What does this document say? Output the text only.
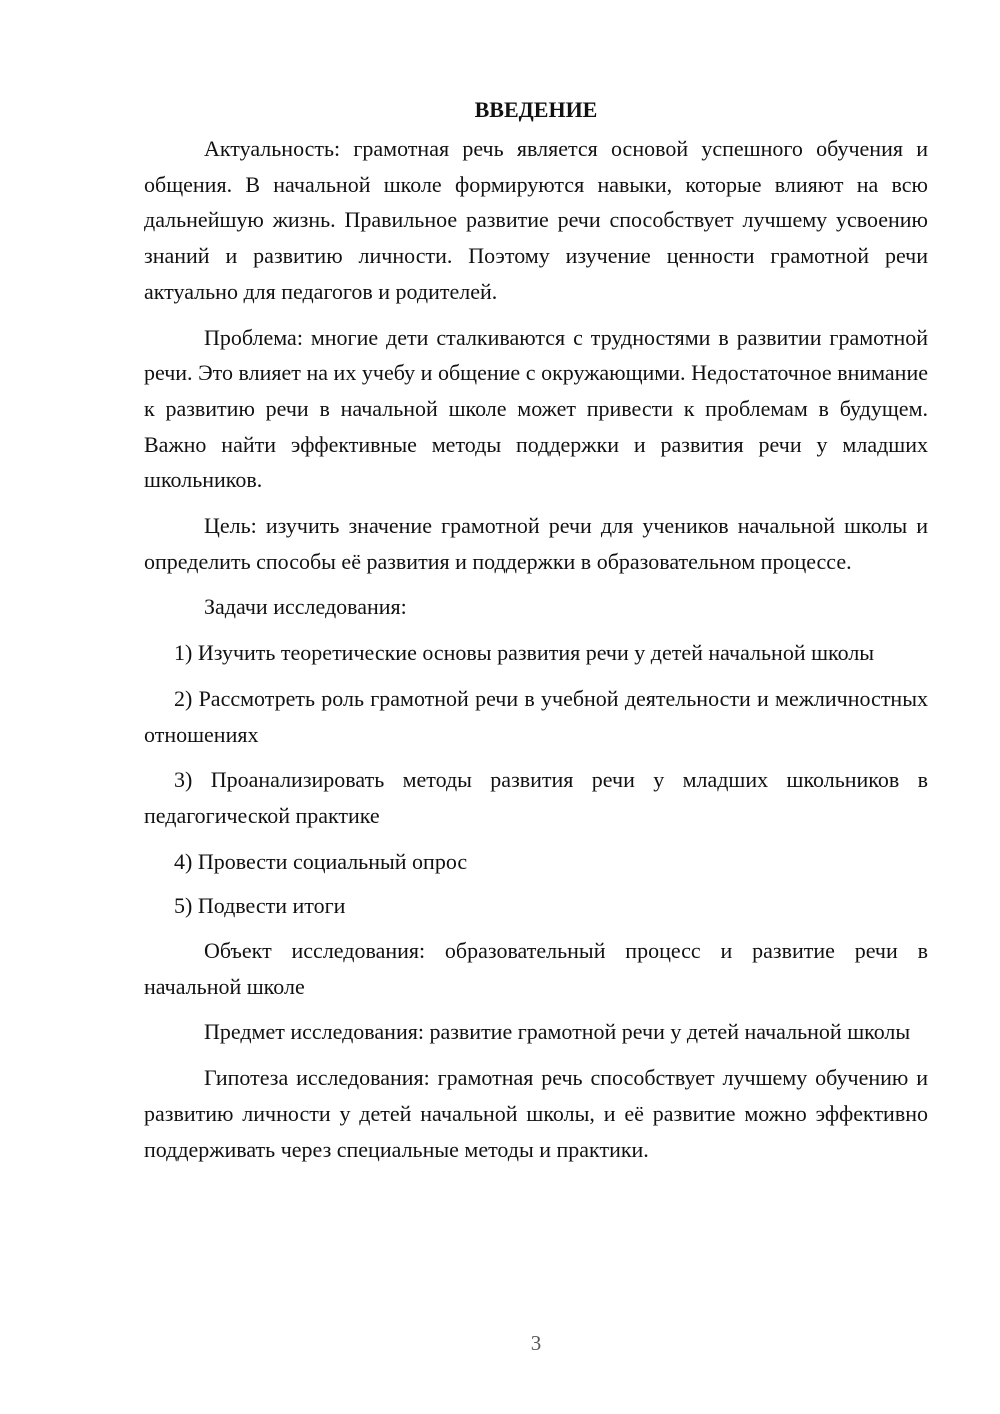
ВВЕДЕНИЕ
Актуальность: грамотная речь является основой успешного обучения и общения. В начальной школе формируются навыки, которые влияют на всю дальнейшую жизнь. Правильное развитие речи способствует лучшему усвоению знаний и развитию личности. Поэтому изучение ценности грамотной речи актуально для педагогов и родителей.
Проблема: многие дети сталкиваются с трудностями в развитии грамотной речи. Это влияет на их учебу и общение с окружающими. Недостаточное внимание к развитию речи в начальной школе может привести к проблемам в будущем. Важно найти эффективные методы поддержки и развития речи у младших школьников.
Цель: изучить значение грамотной речи для учеников начальной школы и определить способы её развития и поддержки в образовательном процессе.
Задачи исследования:
1) Изучить теоретические основы развития речи у детей начальной школы
2) Рассмотреть роль грамотной речи в учебной деятельности и межличностных отношениях
3) Проанализировать методы развития речи у младших школьников в педагогической практике
4) Провести социальный опрос
5) Подвести итоги
Объект исследования: образовательный процесс и развитие речи в начальной школе
Предмет исследования: развитие грамотной речи у детей начальной школы
Гипотеза исследования: грамотная речь способствует лучшему обучению и развитию личности у детей начальной школы, и её развитие можно эффективно поддерживать через специальные методы и практики.
3
